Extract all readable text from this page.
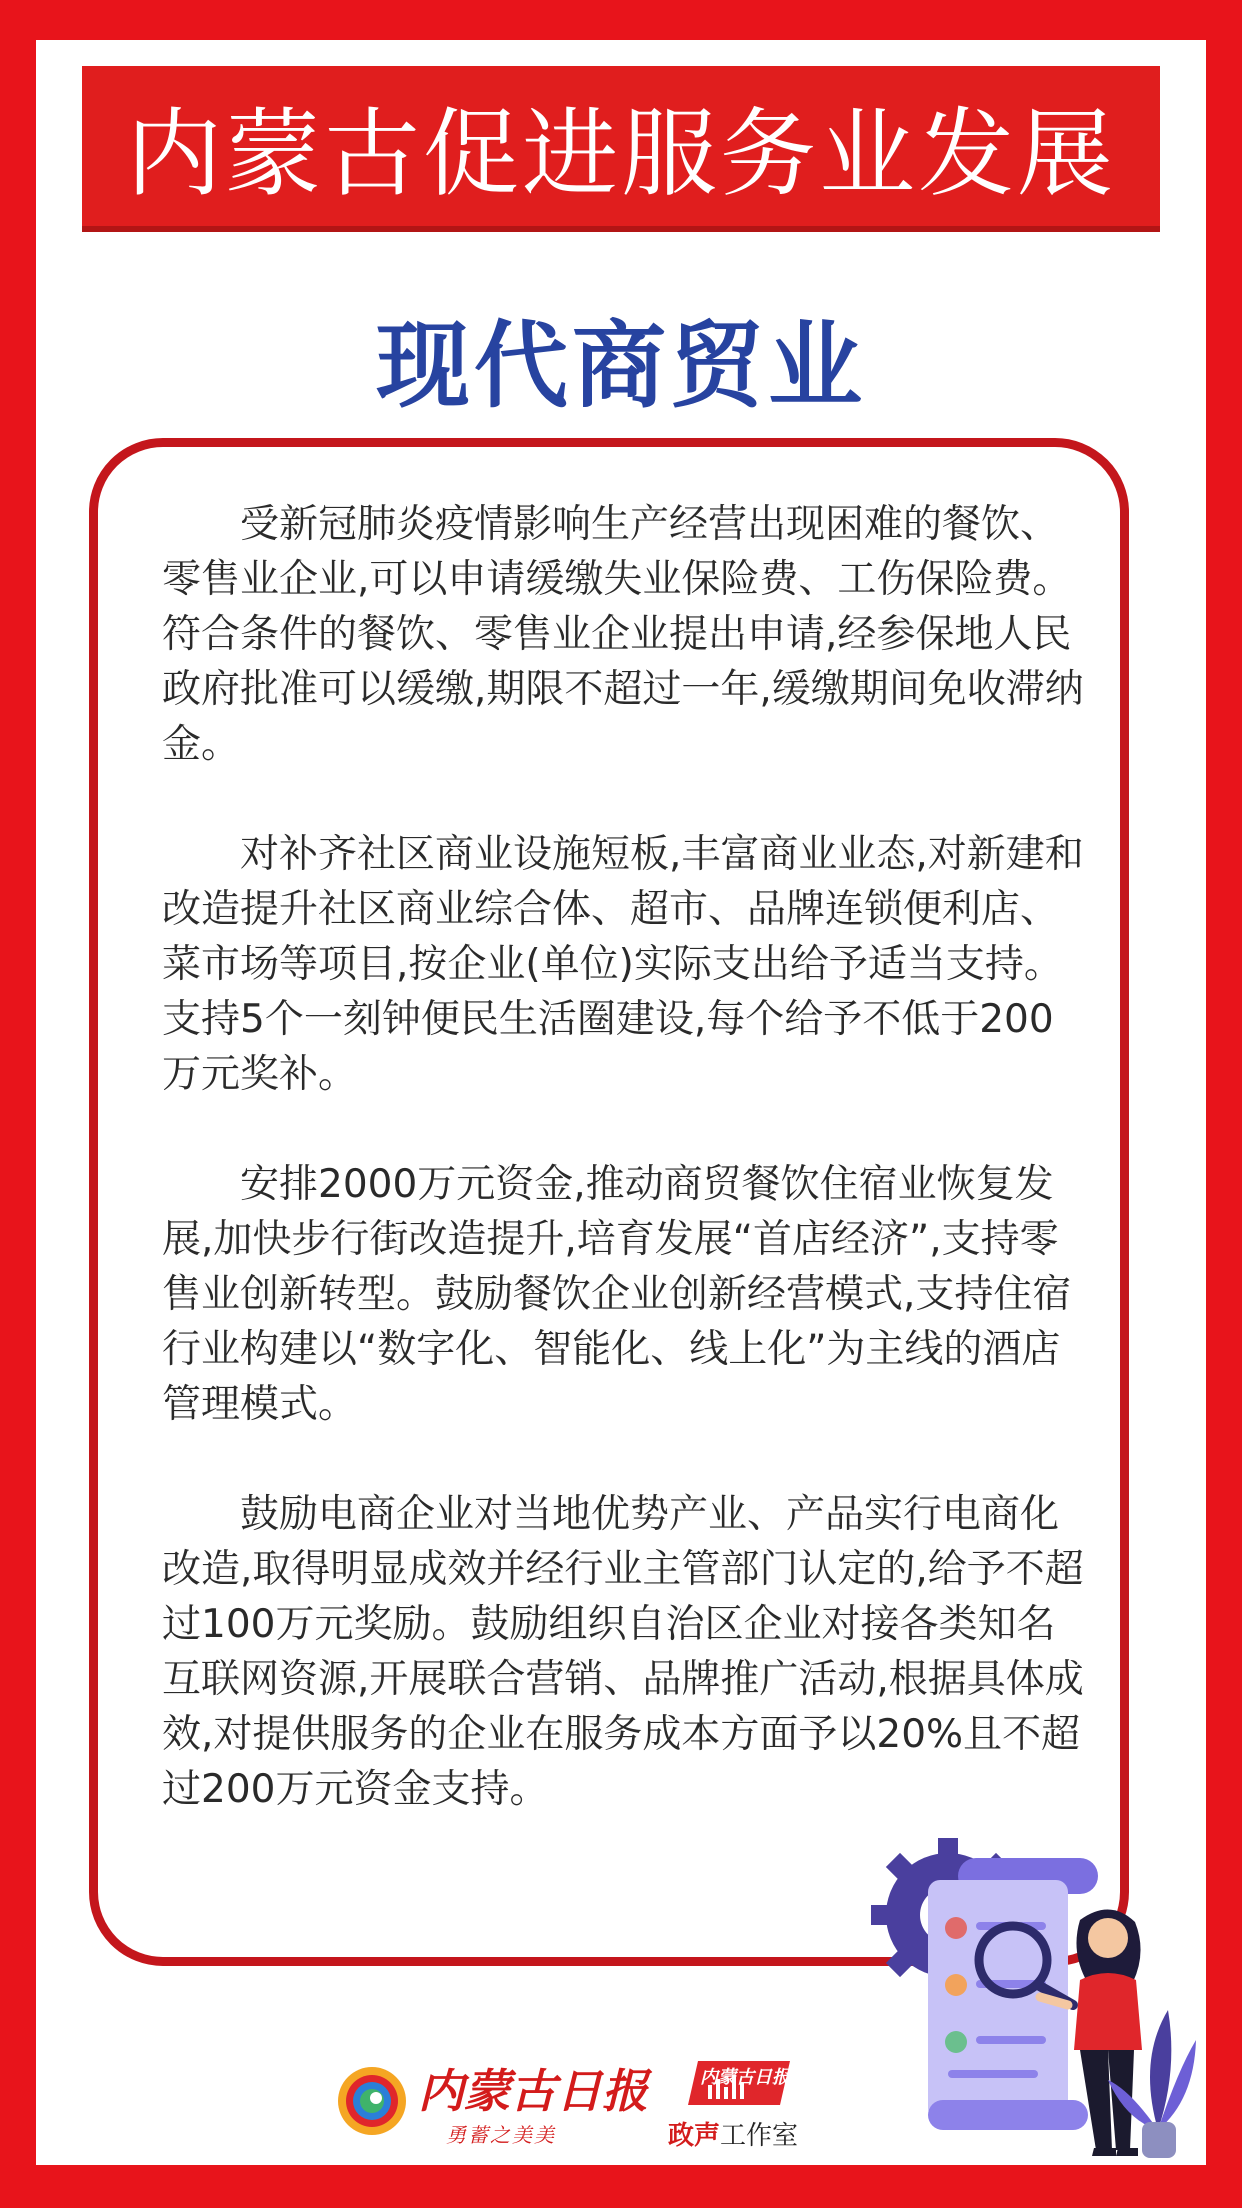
内蒙古促进服务业发展
现代商贸业

受新冠肺炎疫情影响生产经营出现困难的餐饮、零售业企业,可以申请缓缴失业保险费、工伤保险费。符合条件的餐饮、零售业企业提出申请,经参保地人民政府批准可以缓缴,期限不超过一年,缓缴期间免收滞纳金。

对补齐社区商业设施短板,丰富商业业态,对新建和改造提升社区商业综合体、超市、品牌连锁便利店、菜市场等项目,按企业(单位)实际支出给予适当支持。支持5个一刻钟便民生活圈建设,每个给予不低于200万元奖补。

安排2000万元资金,推动商贸餐饮住宿业恢复发展,加快步行街改造提升,培育发展“首店经济”,支持零售业创新转型。鼓励餐饮企业创新经营模式,支持住宿行业构建以“数字化、智能化、线上化”为主线的酒店管理模式。

鼓励电商企业对当地优势产业、产品实行电商化改造,取得明显成效并经行业主管部门认定的,给予不超过100万元奖励。鼓励组织自治区企业对接各类知名互联网资源,开展联合营销、品牌推广活动,根据具体成效,对提供服务的企业在服务成本方面予以20%且不超过200万元资金支持。

内蒙古日报
勇蓄之美美
内蒙古日报
政声工作室
